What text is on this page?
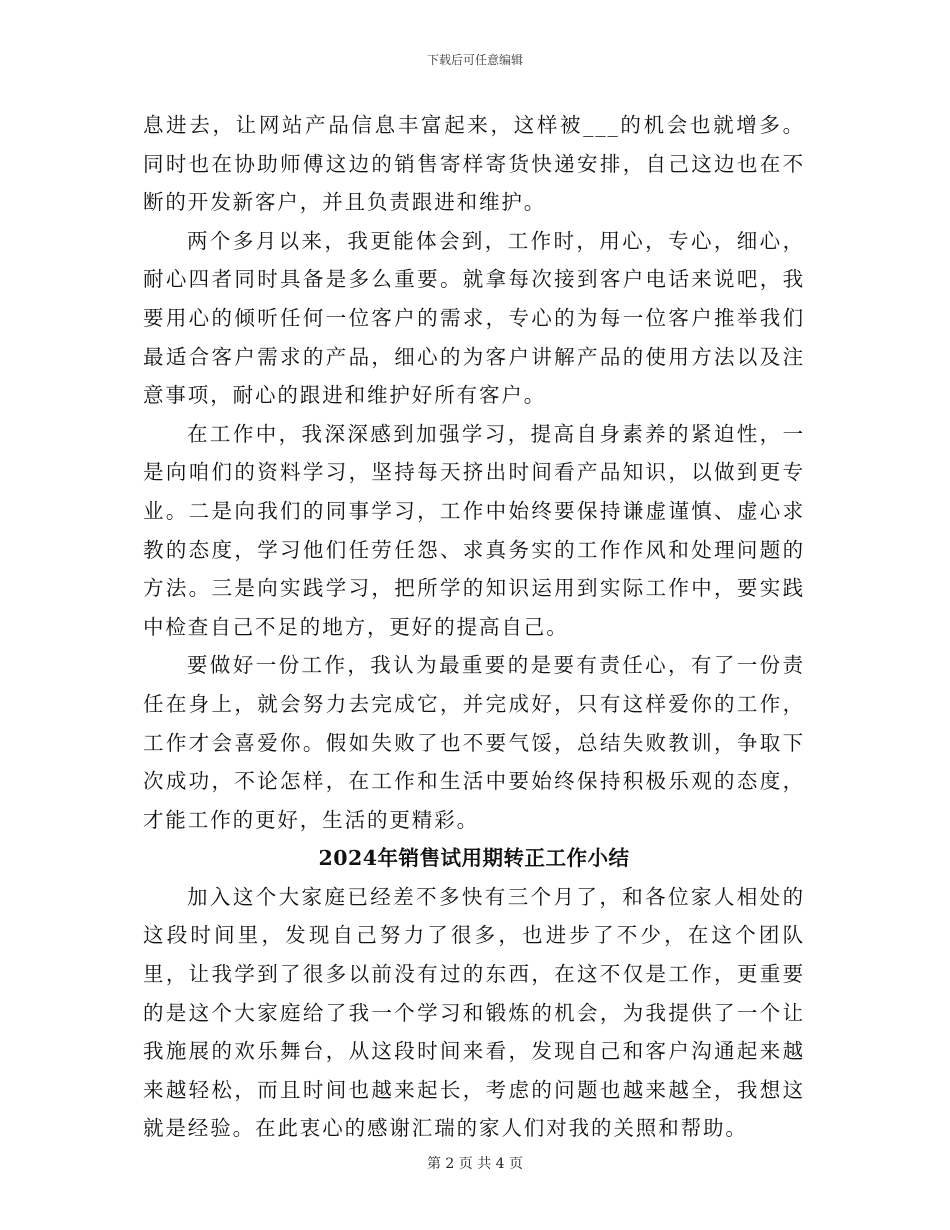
下载后可任意编辑

息进去，让网站产品信息丰富起来，这样被___的机会也就增多。同时也在协助师傅这边的销售寄样寄货快递安排，自己这边也在不断的开发新客户，并且负责跟进和维护。

两个多月以来，我更能体会到，工作时，用心，专心，细心，耐心四者同时具备是多么重要。就拿每次接到客户电话来说吧，我要用心的倾听任何一位客户的需求，专心的为每一位客户推举我们最适合客户需求的产品，细心的为客户讲解产品的使用方法以及注意事项，耐心的跟进和维护好所有客户。

在工作中，我深深感到加强学习，提高自身素养的紧迫性，一是向咱们的资料学习，坚持每天挤出时间看产品知识，以做到更专业。二是向我们的同事学习，工作中始终要保持谦虚谨慎、虚心求教的态度，学习他们任劳任怨、求真务实的工作作风和处理问题的方法。三是向实践学习，把所学的知识运用到实际工作中，要实践中检查自己不足的地方，更好的提高自己。

要做好一份工作，我认为最重要的是要有责任心，有了一份责任在身上，就会努力去完成它，并完成好，只有这样爱你的工作，工作才会喜爱你。假如失败了也不要气馁，总结失败教训，争取下次成功，不论怎样，在工作和生活中要始终保持积极乐观的态度，才能工作的更好，生活的更精彩。

2024年销售试用期转正工作小结

加入这个大家庭已经差不多快有三个月了，和各位家人相处的这段时间里，发现自己努力了很多，也进步了不少，在这个团队里，让我学到了很多以前没有过的东西，在这不仅是工作，更重要的是这个大家庭给了我一个学习和锻炼的机会，为我提供了一个让我施展的欢乐舞台，从这段时间来看，发现自己和客户沟通起来越来越轻松，而且时间也越来起长，考虑的问题也越来越全，我想这就是经验。在此衷心的感谢汇瑞的家人们对我的关照和帮助。

第 2 页 共 4 页
